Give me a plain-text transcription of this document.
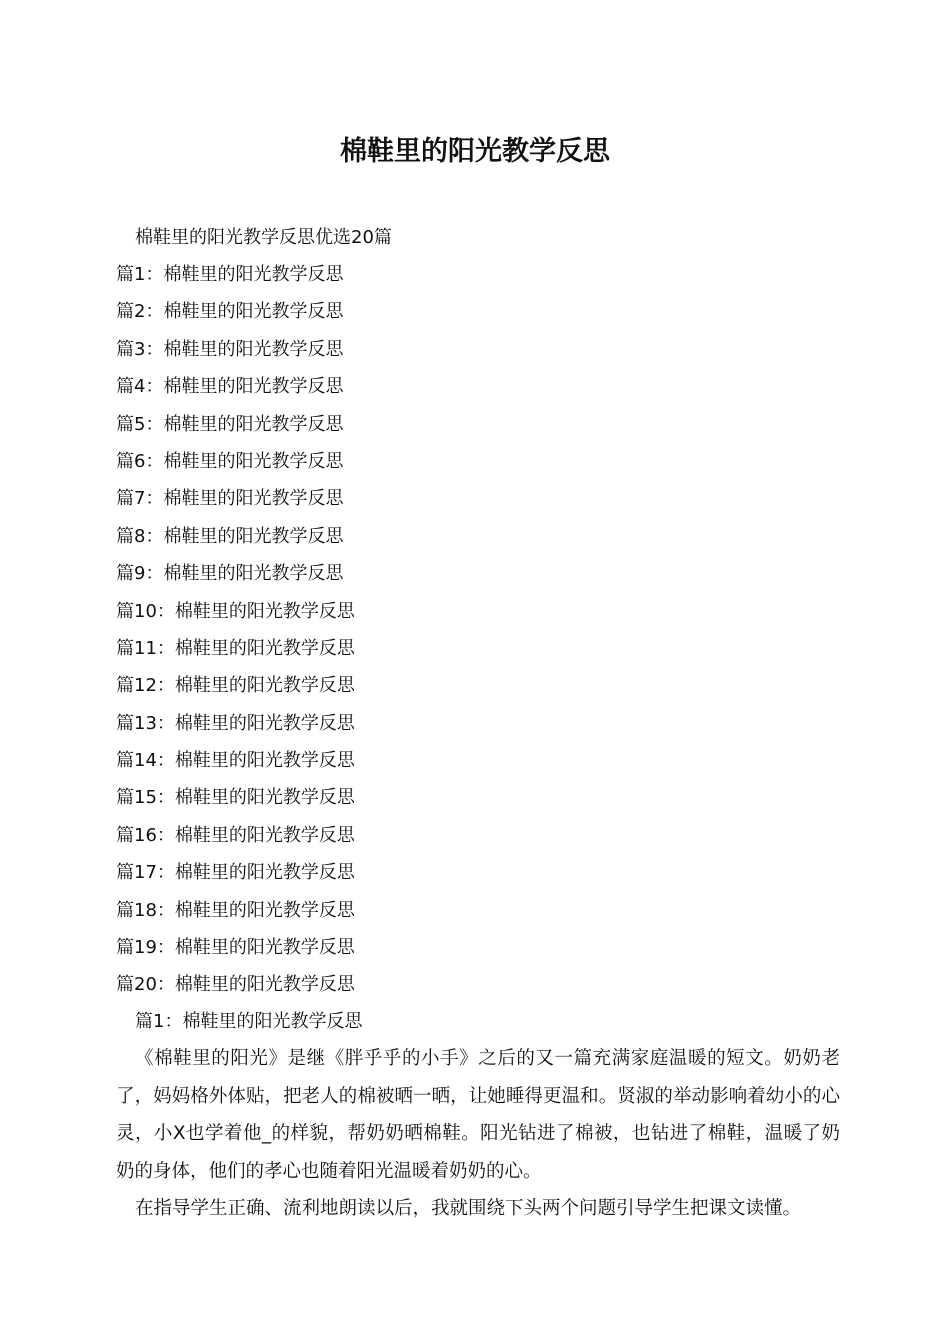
棉鞋里的阳光教学反思
棉鞋里的阳光教学反思优选20篇
篇1：棉鞋里的阳光教学反思
篇2：棉鞋里的阳光教学反思
篇3：棉鞋里的阳光教学反思
篇4：棉鞋里的阳光教学反思
篇5：棉鞋里的阳光教学反思
篇6：棉鞋里的阳光教学反思
篇7：棉鞋里的阳光教学反思
篇8：棉鞋里的阳光教学反思
篇9：棉鞋里的阳光教学反思
篇10：棉鞋里的阳光教学反思
篇11：棉鞋里的阳光教学反思
篇12：棉鞋里的阳光教学反思
篇13：棉鞋里的阳光教学反思
篇14：棉鞋里的阳光教学反思
篇15：棉鞋里的阳光教学反思
篇16：棉鞋里的阳光教学反思
篇17：棉鞋里的阳光教学反思
篇18：棉鞋里的阳光教学反思
篇19：棉鞋里的阳光教学反思
篇20：棉鞋里的阳光教学反思
篇1：棉鞋里的阳光教学反思

《棉鞋里的阳光》是继《胖乎乎的小手》之后的又一篇充满家庭温暖的短文。奶奶老了，妈妈格外体贴，把老人的棉被晒一晒，让她睡得更温和。贤淑的举动影响着幼小的心灵，小X也学着他_的样貌，帮奶奶晒棉鞋。阳光钻进了棉被，也钻进了棉鞋，温暖了奶奶的身体，他们的孝心也随着阳光温暖着奶奶的心。

在指导学生正确、流利地朗读以后，我就围绕下头两个问题引导学生把课文读懂。
